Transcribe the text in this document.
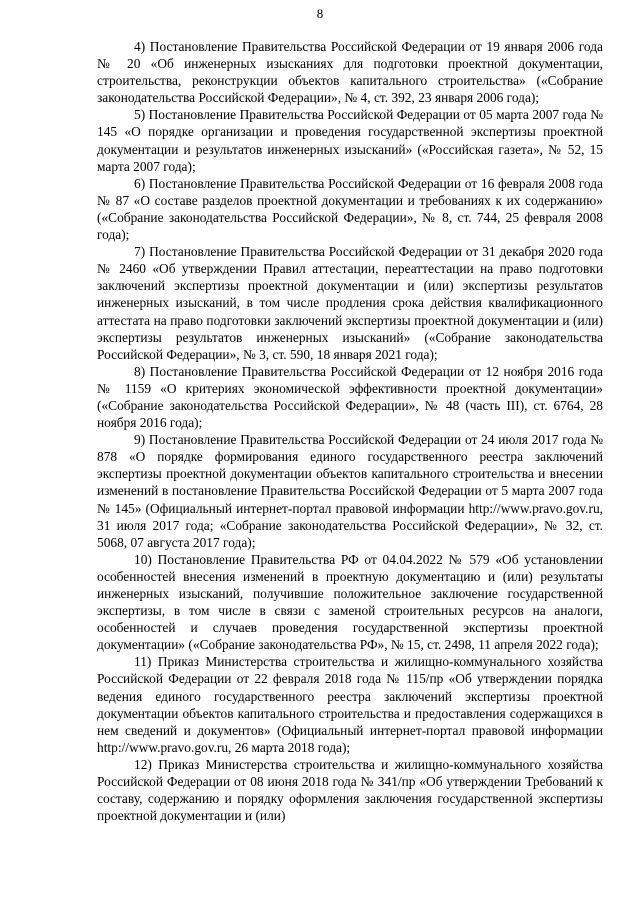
8

4) Постановление Правительства Российской Федерации от 19 января 2006 года № 20 «Об инженерных изысканиях для подготовки проектной документации, строительства, реконструкции объектов капитального строительства» («Собрание законодательства Российской Федерации», № 4, ст. 392, 23 января 2006 года);

5) Постановление Правительства Российской Федерации от 05 марта 2007 года № 145 «О порядке организации и проведения государственной экспертизы проектной документации и результатов инженерных изысканий» («Российская газета», № 52, 15 марта 2007 года);

6) Постановление Правительства Российской Федерации от 16 февраля 2008 года № 87 «О составе разделов проектной документации и требованиях к их содержанию» («Собрание законодательства Российской Федерации», № 8, ст. 744, 25 февраля 2008 года);

7) Постановление Правительства Российской Федерации от 31 декабря 2020 года № 2460 «Об утверждении Правил аттестации, переаттестации на право подготовки заключений экспертизы проектной документации и (или) экспертизы результатов инженерных изысканий, в том числе продления срока действия квалификационного аттестата на право подготовки заключений экспертизы проектной документации и (или) экспертизы результатов инженерных изысканий» («Собрание законодательства Российской Федерации», № 3, ст. 590, 18 января 2021 года);

8) Постановление Правительства Российской Федерации от 12 ноября 2016 года № 1159 «О критериях экономической эффективности проектной документации» («Собрание законодательства Российской Федерации», № 48 (часть III), ст. 6764, 28 ноября 2016 года);

9) Постановление Правительства Российской Федерации от 24 июля 2017 года № 878 «О порядке формирования единого государственного реестра заключений экспертизы проектной документации объектов капитального строительства и внесении изменений в постановление Правительства Российской Федерации от 5 марта 2007 года № 145» (Официальный интернет-портал правовой информации http://www.pravo.gov.ru, 31 июля 2017 года; «Собрание законодательства Российской Федерации», № 32, ст. 5068, 07 августа 2017 года);

10) Постановление Правительства РФ от 04.04.2022 № 579 «Об установлении особенностей внесения изменений в проектную документацию и (или) результаты инженерных изысканий, получившие положительное заключение государственной экспертизы, в том числе в связи с заменой строительных ресурсов на аналоги, особенностей и случаев проведения государственной экспертизы проектной документации» («Собрание законодательства РФ», № 15, ст. 2498, 11 апреля 2022 года);

11) Приказ Министерства строительства и жилищно-коммунального хозяйства Российской Федерации от 22 февраля 2018 года № 115/пр «Об утверждении порядка ведения единого государственного реестра заключений экспертизы проектной документации объектов капитального строительства и предоставления содержащихся в нем сведений и документов» (Официальный интернет-портал правовой информации http://www.pravo.gov.ru, 26 марта 2018 года);

12) Приказ Министерства строительства и жилищно-коммунального хозяйства Российской Федерации от 08 июня 2018 года № 341/пр «Об утверждении Требований к составу, содержанию и порядку оформления заключения государственной экспертизы проектной документации и (или)
